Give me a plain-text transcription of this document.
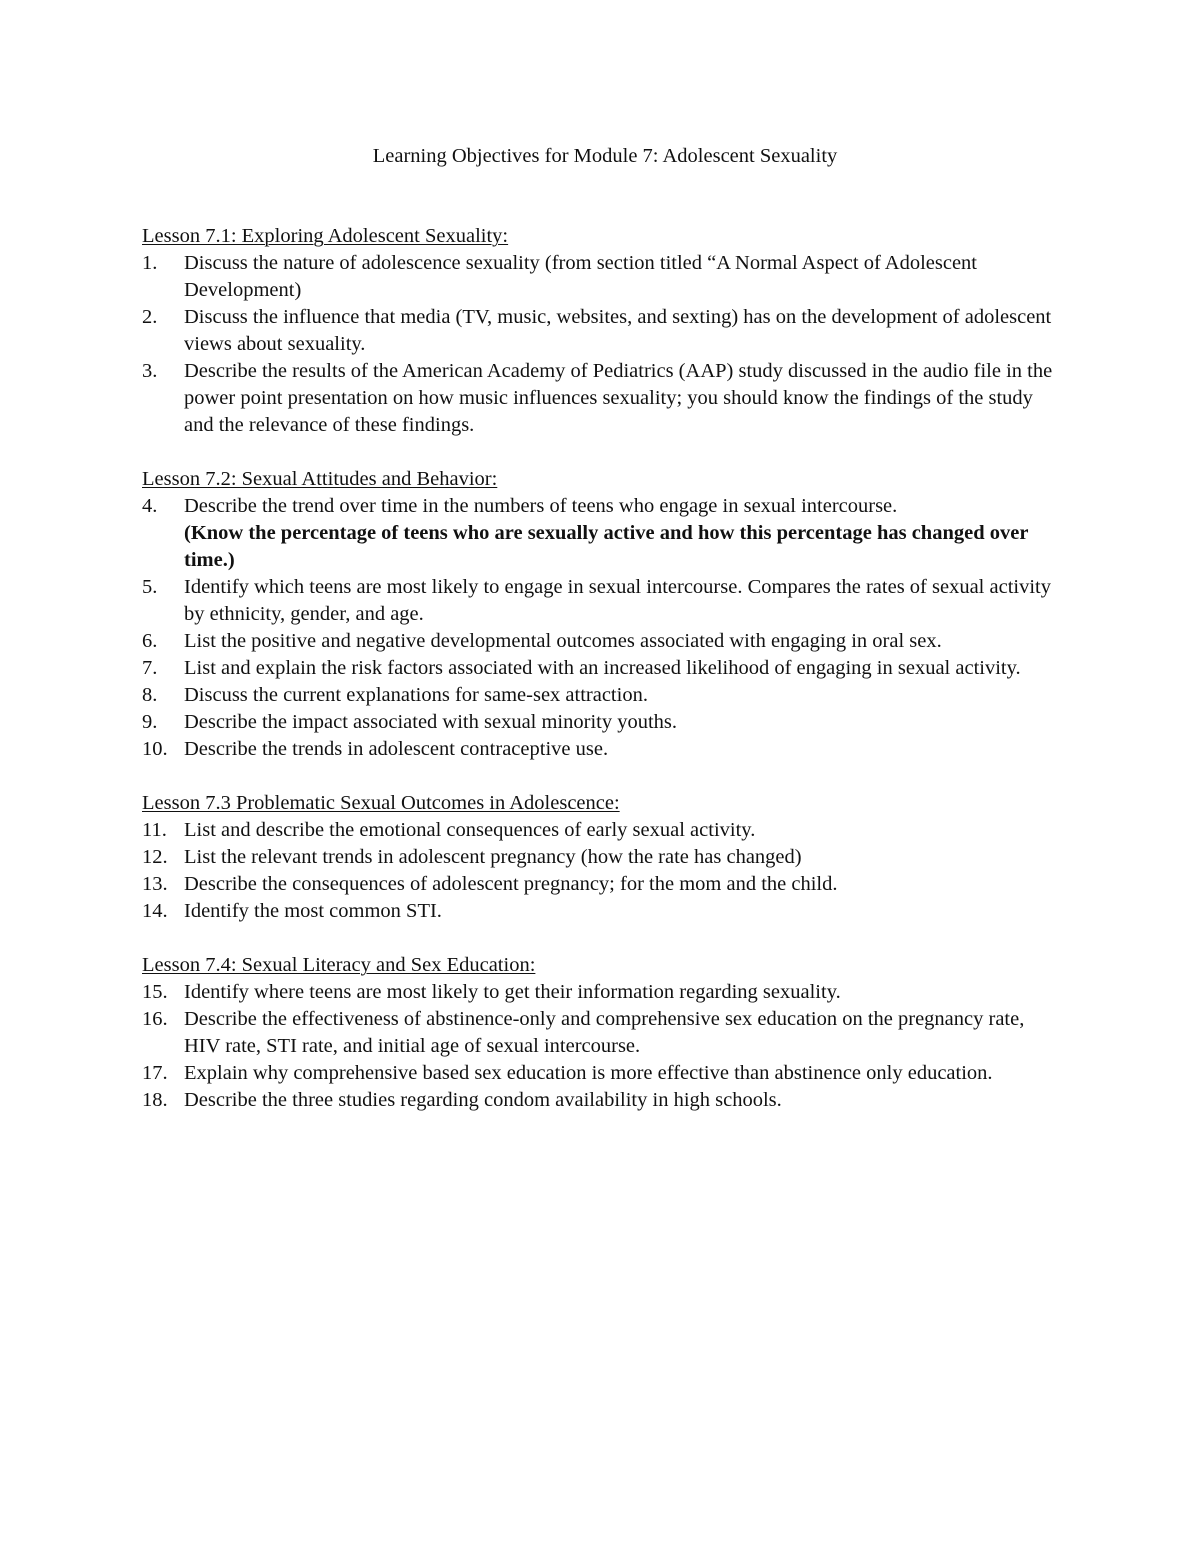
Learning Objectives for Module 7: Adolescent Sexuality
Lesson 7.1: Exploring Adolescent Sexuality:
1.	Discuss the nature of adolescence sexuality (from section titled “A Normal Aspect of Adolescent Development)
2.	Discuss the influence that media (TV, music, websites, and sexting) has on the development of adolescent views about sexuality.
3.	Describe the results of the American Academy of Pediatrics (AAP) study discussed in the audio file in the power point presentation on how music influences sexuality; you should know the findings of the study and the relevance of these findings.
Lesson 7.2: Sexual Attitudes and Behavior:
4.	Describe the trend over time in the numbers of teens who engage in sexual intercourse.
(Know the percentage of teens who are sexually active and how this percentage has changed over time.)
5.	Identify which teens are most likely to engage in sexual intercourse. Compares the rates of sexual activity by ethnicity, gender, and age.
6.	List the positive and negative developmental outcomes associated with engaging in oral sex.
7.	List and explain the risk factors associated with an increased likelihood of engaging in sexual activity.
8.	Discuss the current explanations for same-sex attraction.
9.	Describe the impact associated with sexual minority youths.
10. Describe the trends in adolescent contraceptive use.
Lesson 7.3 Problematic Sexual Outcomes in Adolescence:
11. List and describe the emotional consequences of early sexual activity.
12. List the relevant trends in adolescent pregnancy (how the rate has changed)
13. Describe the consequences of adolescent pregnancy; for the mom and the child.
14. Identify the most common STI.
Lesson 7.4: Sexual Literacy and Sex Education:
15. Identify where teens are most likely to get their information regarding sexuality.
16. Describe the effectiveness of abstinence-only and comprehensive sex education on the pregnancy rate, HIV rate, STI rate, and initial age of sexual intercourse.
17. Explain why comprehensive based sex education is more effective than abstinence only education.
18. Describe the three studies regarding condom availability in high schools.
